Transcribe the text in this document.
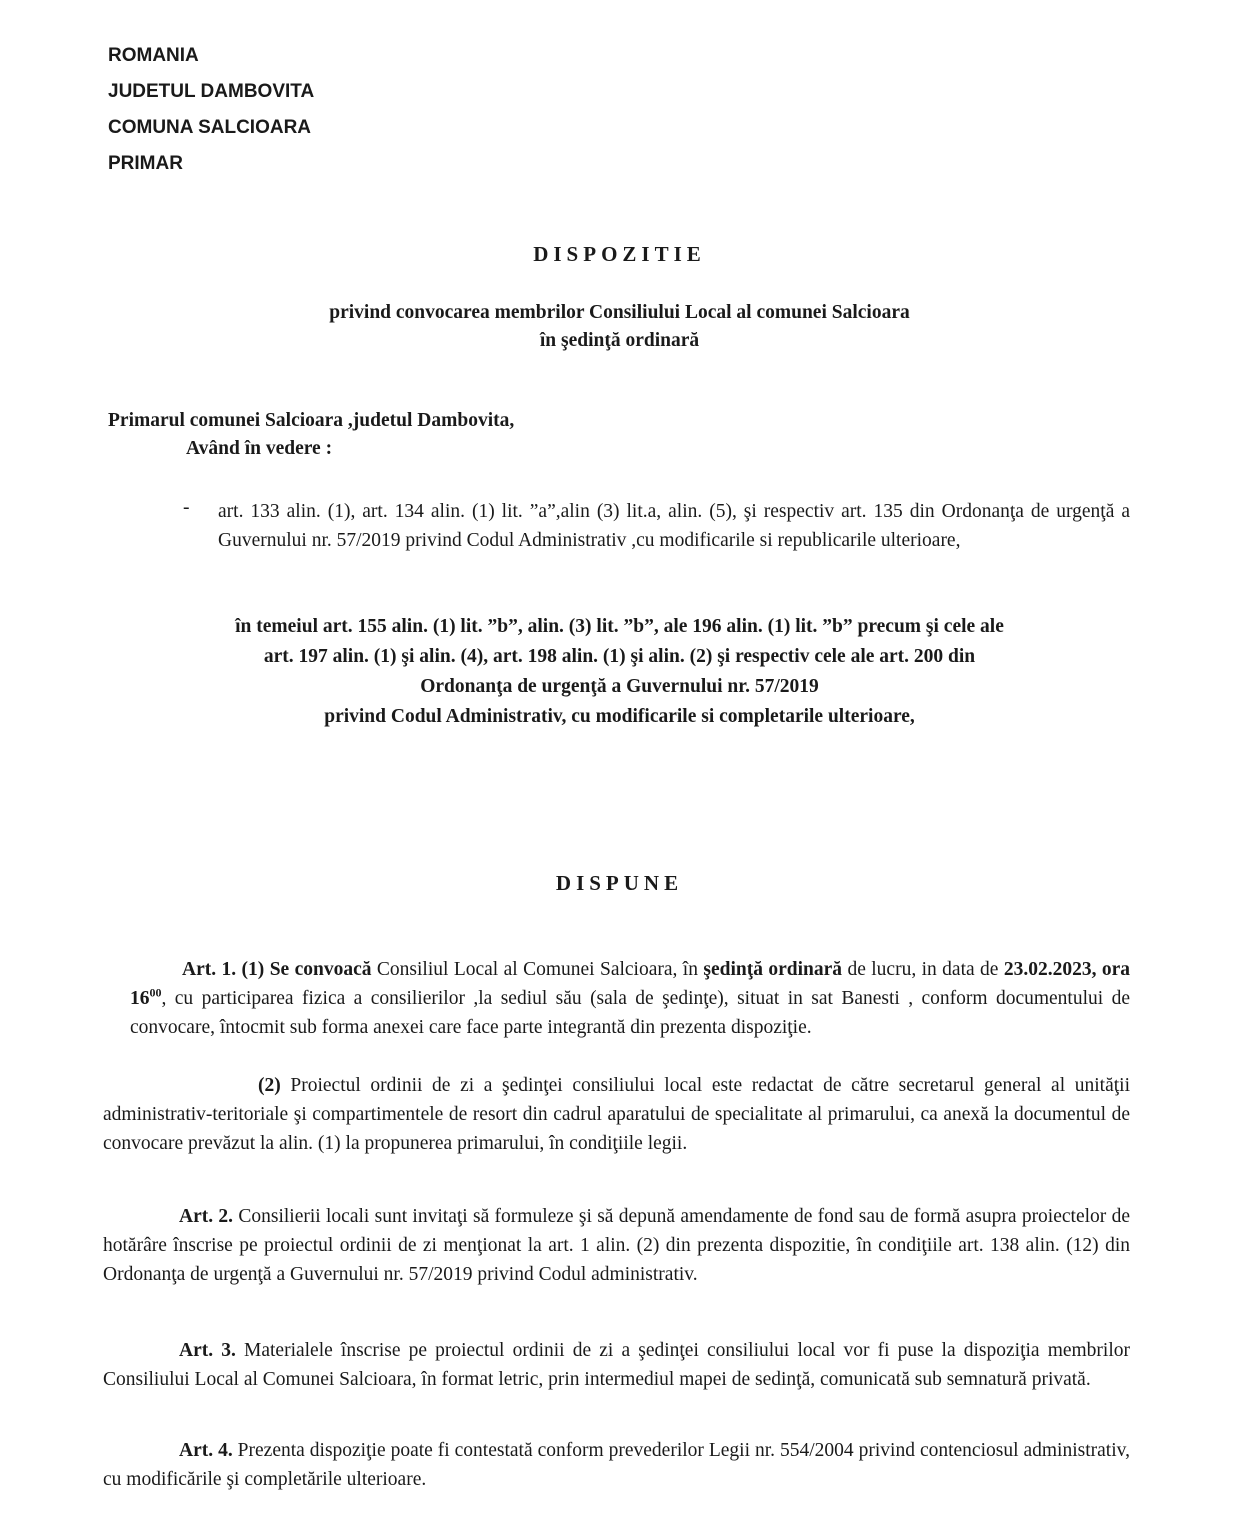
ROMANIA
JUDETUL DAMBOVITA
COMUNA SALCIOARA
PRIMAR
DISPOZITIE
privind convocarea membrilor Consiliului Local al comunei Salcioara
în şedinţă ordinară
Primarul comunei Salcioara ,judetul Dambovita,
Având în vedere :
- art. 133 alin. (1), art. 134 alin. (1) lit. ”a”,alin (3) lit.a, alin. (5), şi respectiv art. 135 din Ordonanţa de urgenţă a Guvernului nr. 57/2019 privind Codul Administrativ ,cu modificarile si republicarile ulterioare,
în temeiul art. 155 alin. (1) lit. ”b”, alin. (3) lit. ”b”, ale 196 alin. (1) lit. ”b” precum şi cele ale
art. 197 alin. (1) şi alin. (4), art. 198 alin. (1) şi alin. (2) şi respectiv cele ale art. 200 din
Ordonanţa de urgenţă a Guvernului nr. 57/2019
privind Codul Administrativ, cu modificarile si completarile ulterioare,
DISPUNE
Art. 1. (1) Se convoacă Consiliul Local al Comunei Salcioara, în şedinţă ordinară de lucru, in data de 23.02.2023, ora $16^{00}$, cu participarea fizica a consilierilor ,la sediul său (sala de şedinţe), situat in sat Banesti , conform documentului de convocare, întocmit sub forma anexei care face parte integrantă din prezenta dispoziţie.
(2) Proiectul ordinii de zi a şedinţei consiliului local este redactat de către secretarul general al unităţii administrativ-teritoriale şi compartimentele de resort din cadrul aparatului de specialitate al primarului, ca anexă la documentul de convocare prevăzut la alin. (1) la propunerea primarului, în condiţiile legii.
Art. 2. Consilierii locali sunt invitaţi să formuleze şi să depună amendamente de fond sau de formă asupra proiectelor de hotărâre înscrise pe proiectul ordinii de zi menţionat la art. 1 alin. (2) din prezenta dispozitie, în condiţiile art. 138 alin. (12) din Ordonanţa de urgenţă a Guvernului nr. 57/2019 privind Codul administrativ.
Art. 3. Materialele înscrise pe proiectul ordinii de zi a şedinţei consiliului local vor fi puse la dispoziţia membrilor Consiliului Local al Comunei Salcioara, în format letric, prin intermediul mapei de sedinţă, comunicată sub semnatură privată.
Art. 4. Prezenta dispoziţie poate fi contestată conform prevederilor Legii nr. 554/2004 privind contenciosul administrativ, cu modificările şi completările ulterioare.
